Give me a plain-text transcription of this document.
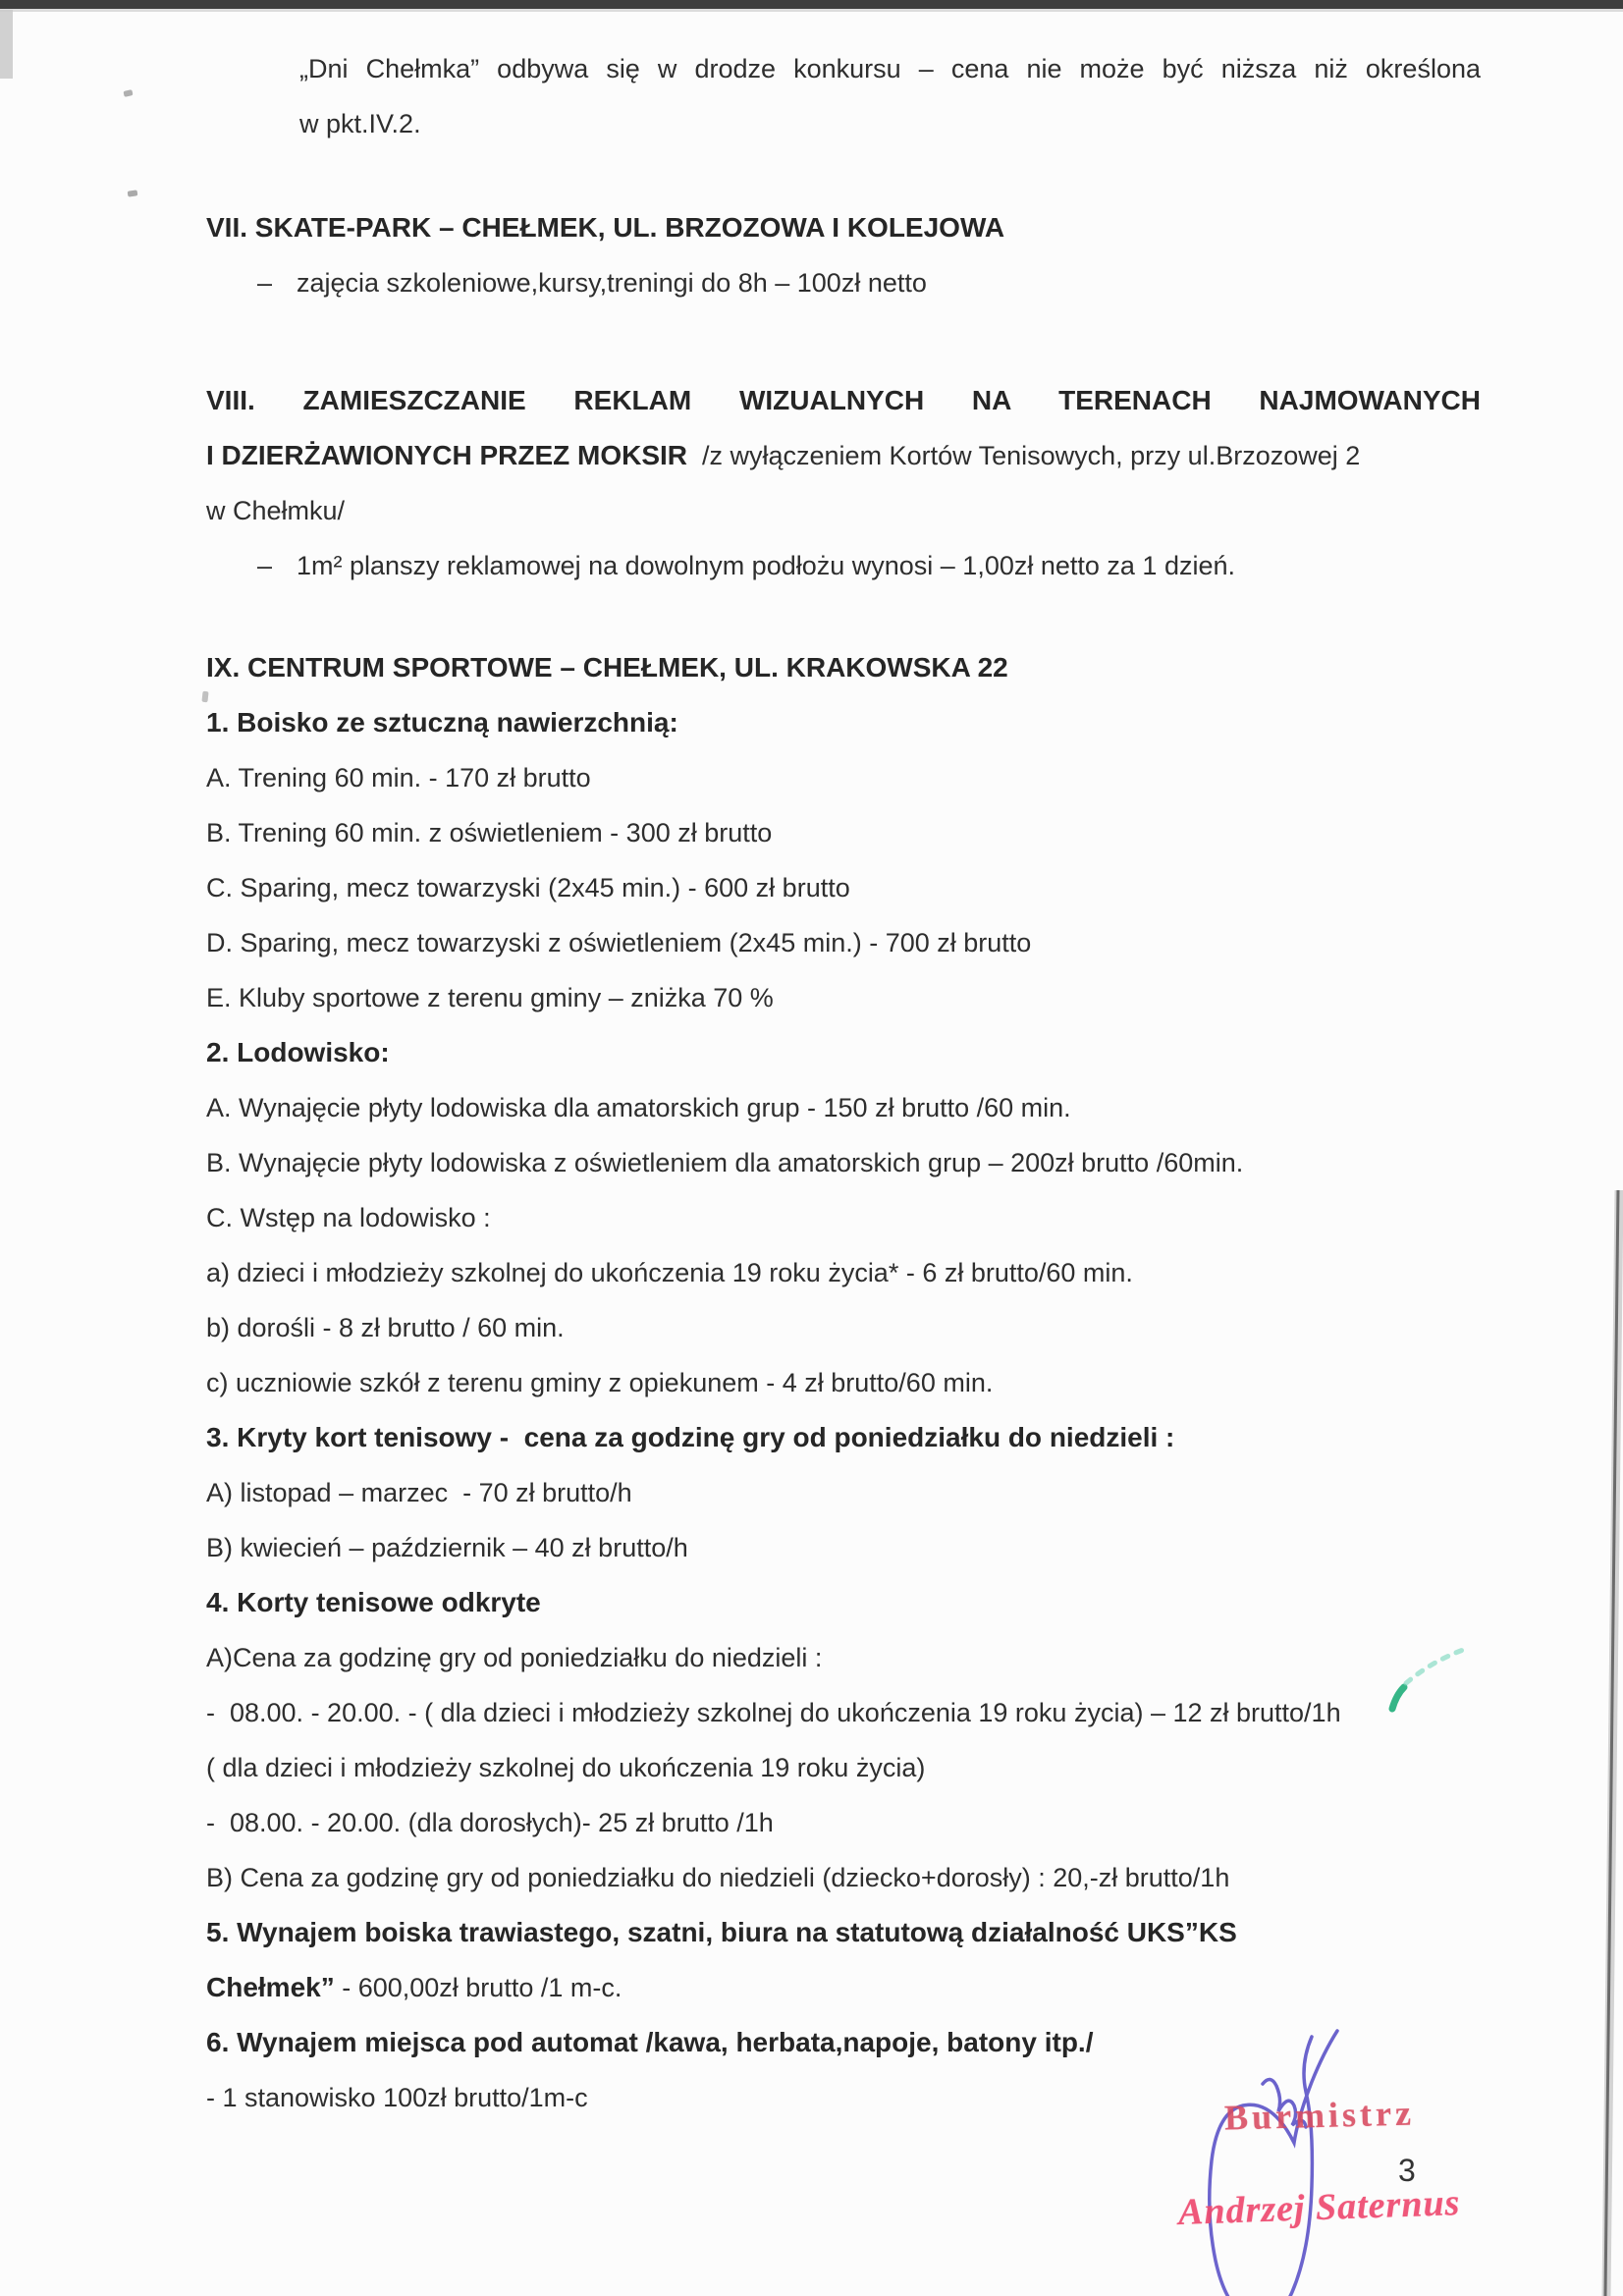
„Dni Chełmka” odbywa się w drodze konkursu – cena nie może być niższa niż określona
w pkt.IV.2.
VII. SKATE-PARK – CHEŁMEK, UL. BRZOZOWA I KOLEJOWA
– zajęcia szkoleniowe,kursy,treningi do 8h – 100zł netto
VIII. ZAMIESZCZANIE REKLAM WIZUALNYCH NA TERENACH NAJMOWANYCH
I DZIERŻAWIONYCH PRZEZ MOKSIR  /z wyłączeniem Kortów Tenisowych, przy ul.Brzozowej 2
w Chełmku/
– 1m² planszy reklamowej na dowolnym podłożu wynosi – 1,00zł netto za 1 dzień.
IX. CENTRUM SPORTOWE – CHEŁMEK, UL. KRAKOWSKA 22
1. Boisko ze sztuczną nawierzchnią:
A. Trening 60 min. - 170 zł brutto
B. Trening 60 min. z oświetleniem - 300 zł brutto
C. Sparing, mecz towarzyski (2x45 min.) - 600 zł brutto
D. Sparing, mecz towarzyski z oświetleniem (2x45 min.) - 700 zł brutto
E. Kluby sportowe z terenu gminy – zniżka 70 %
2. Lodowisko:
A. Wynajęcie płyty lodowiska dla amatorskich grup - 150 zł brutto /60 min.
B. Wynajęcie płyty lodowiska z oświetleniem dla amatorskich grup – 200zł brutto /60min.
C. Wstęp na lodowisko :
a) dzieci i młodzieży szkolnej do ukończenia 19 roku życia* - 6 zł brutto/60 min.
b) dorośli - 8 zł brutto / 60 min.
c) uczniowie szkół z terenu gminy z opiekunem - 4 zł brutto/60 min.
3. Kryty kort tenisowy -  cena za godzinę gry od poniedziałku do niedzieli :
A) listopad – marzec  - 70 zł brutto/h
B) kwiecień – październik – 40 zł brutto/h
4. Korty tenisowe odkryte
A)Cena za godzinę gry od poniedziałku do niedzieli :
-  08.00. - 20.00. - ( dla dzieci i młodzieży szkolnej do ukończenia 19 roku życia) – 12 zł brutto/1h
( dla dzieci i młodzieży szkolnej do ukończenia 19 roku życia)
-  08.00. - 20.00. (dla dorosłych)- 25 zł brutto /1h
B) Cena za godzinę gry od poniedziałku do niedzieli (dziecko+dorosły) : 20,-zł brutto/1h
5. Wynajem boiska trawiastego, szatni, biura na statutową działalność UKS”KS
Chełmek” - 600,00zł brutto /1 m-c.
6. Wynajem miejsca pod automat /kawa, herbata,napoje, batony itp./
- 1 stanowisko 100zł brutto/1m-c	Burmistrz
Andrzej Saternus
3
